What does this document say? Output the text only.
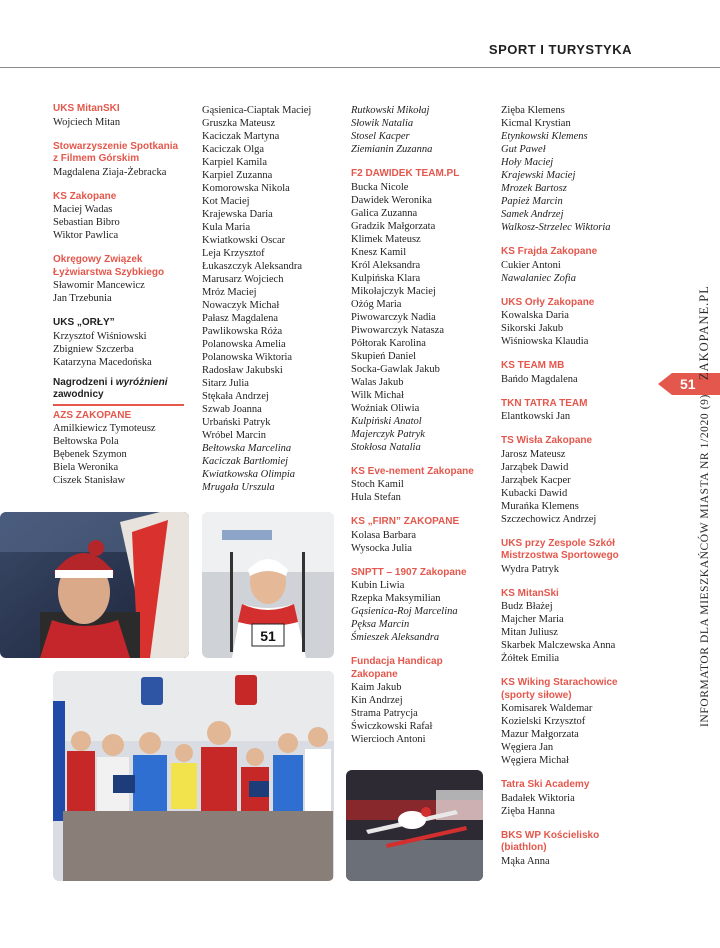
SPORT I TURYSTYKA
UKS MitanSKI
Wojciech Mitan
Stowarzyszenie Spotkania
z Filmem Górskim
Magdalena Ziaja-Żebracka
KS Zakopane
Maciej Wadas
Sebastian Bibro
Wiktor Pawlica
Okręgowy Związek
Łyżwiarstwa Szybkiego
Sławomir Mancewicz
Jan Trzebunia
UKS „ORŁY”
Krzysztof Wiśniowski
Zbigniew Szczerba
Katarzyna Macedońska
Nagrodzeni i wyróżnieni
zawodnicy
AZS ZAKOPANE
Amilkiewicz Tymoteusz
Bełtowska Pola
Bębenek Szymon
Biela Weronika
Ciszek Stanisław
Gąsienica-Ciaptak Maciej
Gruszka Mateusz
Kaciczak Martyna
Kaciczak Olga
Karpiel Kamila
Karpiel Zuzanna
Komorowska Nikola
Kot Maciej
Krajewska Daria
Kula Maria
Kwiatkowski Oscar
Leja Krzysztof
Łukaszczyk Aleksandra
Marusarz Wojciech
Mróz Maciej
Nowaczyk Michał
Pałasz Magdalena
Pawlikowska Róża
Polanowska Amelia
Polanowska Wiktoria
Radosław Jakubski
Sitarz Julia
Stękała Andrzej
Szwab Joanna
Urbański Patryk
Wróbel Marcin
Bełtowska Marcelina
Kaciczak Bartłomiej
Kwiatkowska Olimpia
Mrugała Urszula
Rutkowski Mikołaj
Słowik Natalia
Stosel Kacper
Ziemianin Zuzanna
F2 DAWIDEK TEAM.PL
Bucka Nicole
Dawidek Weronika
Galica Zuzanna
Gradzik Małgorzata
Klimek Mateusz
Knesz Kamil
Król Aleksandra
Kulpińska Klara
Mikołajczyk Maciej
Ożóg Maria
Piwowarczyk Nadia
Piwowarczyk Natasza
Półtorak Karolina
Skupień Daniel
Socka-Gawlak Jakub
Walas Jakub
Wilk Michał
Woźniak Oliwia
Kulpiński Anatol
Majerczyk Patryk
Stokłosa Natalia
KS Eve-nement Zakopane
Stoch Kamil
Hula Stefan
KS „FIRN” ZAKOPANE
Kolasa Barbara
Wysocka Julia
SNPTT – 1907 Zakopane
Kubin Liwia
Rzepka Maksymilian
Gąsienica-Roj Marcelina
Pęksa Marcin
Śmieszek Aleksandra
Fundacja Handicap
Zakopane
Kaim Jakub
Kin Andrzej
Strama Patrycja
Świczkowski Rafał
Wiercioch Antoni
Zięba Klemens
Kicmal Krystian
Etynkowski Klemens
Gut Paweł
Hoły Maciej
Krajewski Maciej
Mrozek Bartosz
Papież Marcin
Samek Andrzej
Walkosz-Strzelec Wiktoria
KS Frajda Zakopane
Cukier Antoni
Nawalaniec Zofia
UKS Orły Zakopane
Kowalska Daria
Sikorski Jakub
Wiśniowska Klaudia
KS TEAM MB
Bańdo Magdalena
TKN TATRA TEAM
Elantkowski Jan
TS Wisła Zakopane
Jarosz Mateusz
Jarząbek Dawid
Jarząbek Kacper
Kubacki Dawid
Murańka Klemens
Szczechowicz Andrzej
UKS przy Zespole Szkół
Mistrzostwa Sportowego
Wydra Patryk
KS MitanSki
Budz Błażej
Majcher Maria
Mitan Juliusz
Skarbek Malczewska Anna
Żółtek Emilia
KS Wiking Starachowice
(sporty siłowe)
Komisarek Waldemar
Kozielski Krzysztof
Mazur Małgorzata
Węgiera Jan
Węgiera Michał
Tatra Ski Academy
Badałek Wiktoria
Zięba Hanna
BKS WP Kościelisko
(biathlon)
Mąka Anna
51
51
INFORMATOR DLA MIESZKAŃCÓW MIASTA NR 1/2020 (9)ZAKOPANE.PL
